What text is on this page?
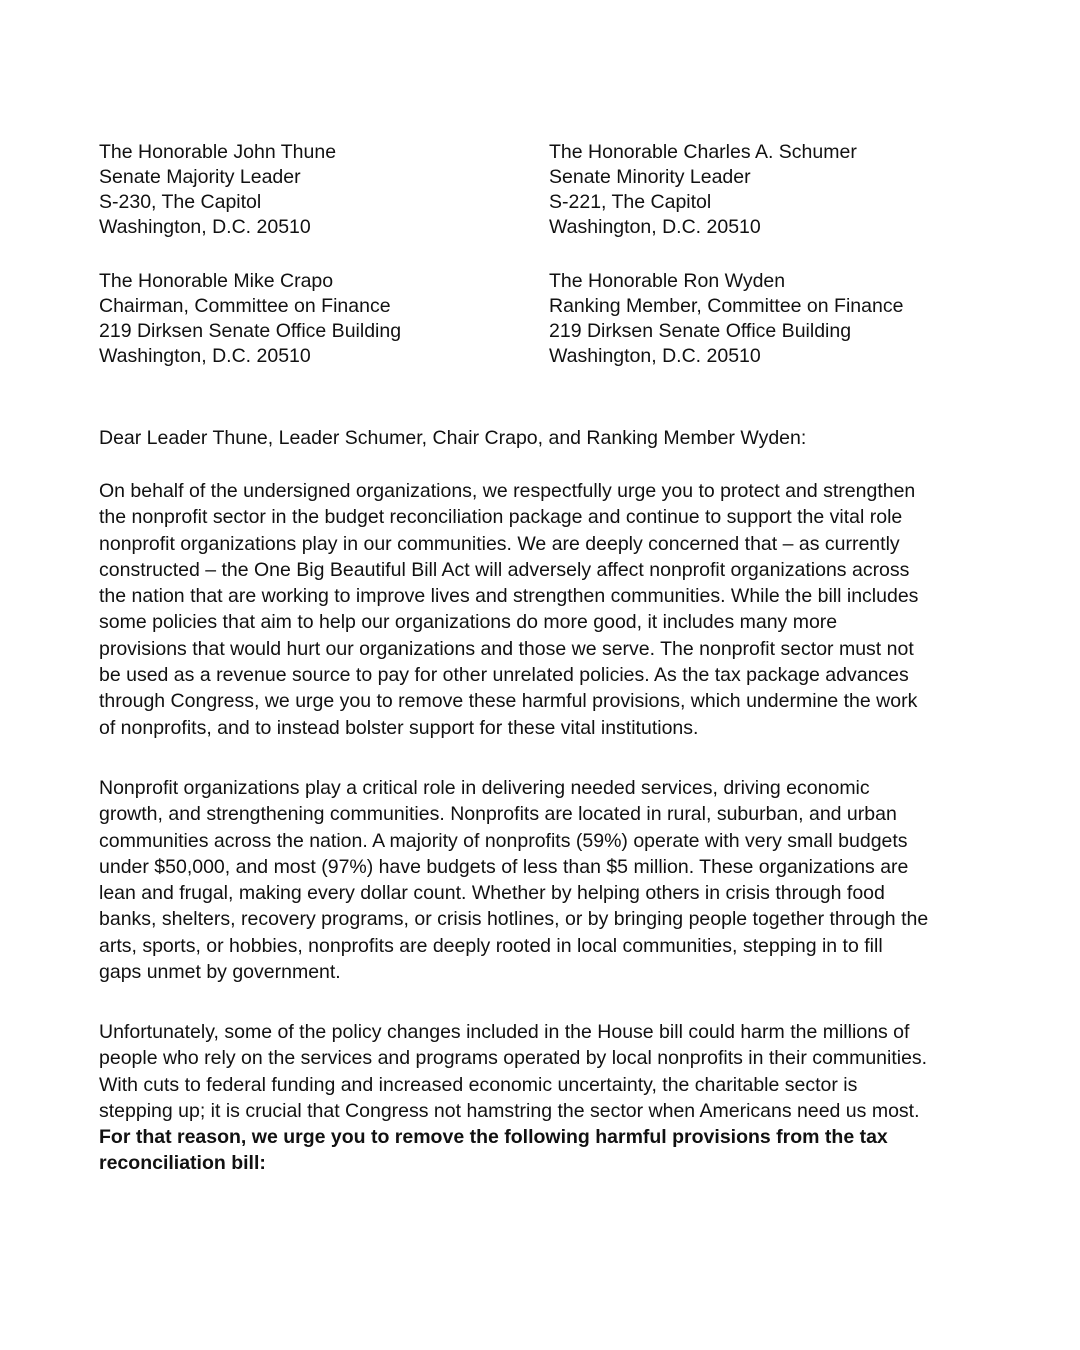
The Honorable John Thune
Senate Majority Leader
S-230, The Capitol
Washington, D.C. 20510
The Honorable Charles A. Schumer
Senate Minority Leader
S-221, The Capitol
Washington, D.C. 20510
The Honorable Mike Crapo
Chairman, Committee on Finance
219 Dirksen Senate Office Building
Washington, D.C. 20510
The Honorable Ron Wyden
Ranking Member, Committee on Finance
219 Dirksen Senate Office Building
Washington, D.C. 20510
Dear Leader Thune, Leader Schumer, Chair Crapo, and Ranking Member Wyden:
On behalf of the undersigned organizations, we respectfully urge you to protect and strengthen
the nonprofit sector in the budget reconciliation package and continue to support the vital role
nonprofit organizations play in our communities. We are deeply concerned that – as currently
constructed – the One Big Beautiful Bill Act will adversely affect nonprofit organizations across
the nation that are working to improve lives and strengthen communities. While the bill includes
some policies that aim to help our organizations do more good, it includes many more
provisions that would hurt our organizations and those we serve. The nonprofit sector must not
be used as a revenue source to pay for other unrelated policies. As the tax package advances
through Congress, we urge you to remove these harmful provisions, which undermine the work
of nonprofits, and to instead bolster support for these vital institutions.
Nonprofit organizations play a critical role in delivering needed services, driving economic
growth, and strengthening communities. Nonprofits are located in rural, suburban, and urban
communities across the nation. A majority of nonprofits (59%) operate with very small budgets
under $50,000, and most (97%) have budgets of less than $5 million. These organizations are
lean and frugal, making every dollar count. Whether by helping others in crisis through food
banks, shelters, recovery programs, or crisis hotlines, or by bringing people together through the
arts, sports, or hobbies, nonprofits are deeply rooted in local communities, stepping in to fill
gaps unmet by government.
Unfortunately, some of the policy changes included in the House bill could harm the millions of
people who rely on the services and programs operated by local nonprofits in their communities.
With cuts to federal funding and increased economic uncertainty, the charitable sector is
stepping up; it is crucial that Congress not hamstring the sector when Americans need us most.
For that reason, we urge you to remove the following harmful provisions from the tax
reconciliation bill:
